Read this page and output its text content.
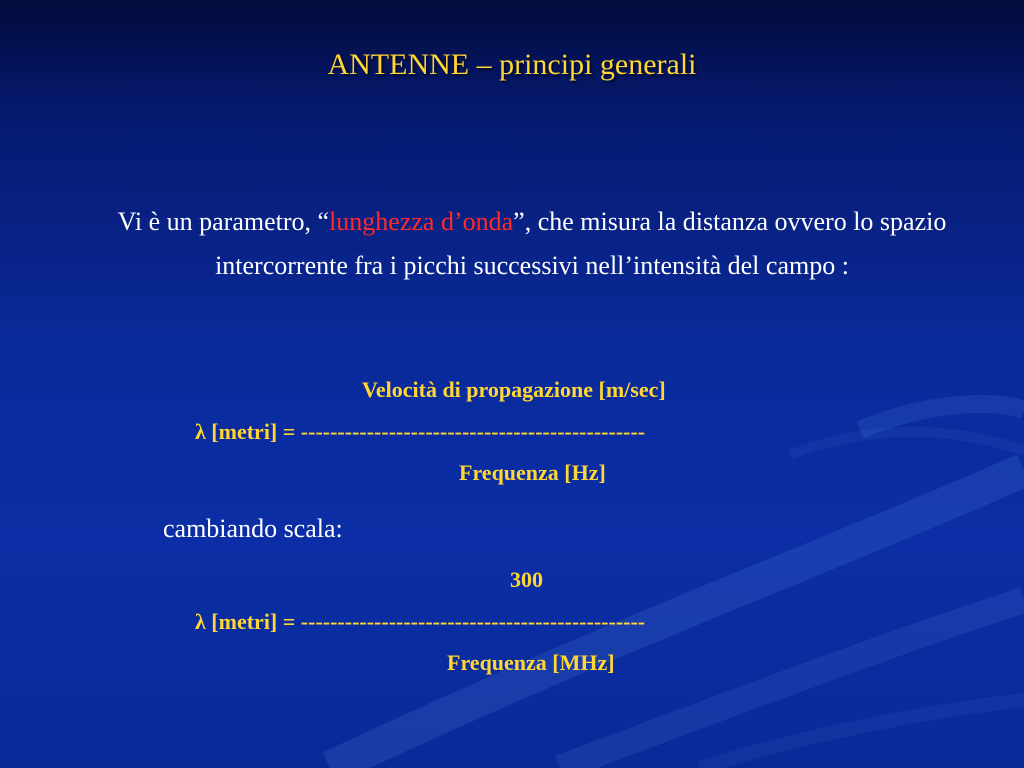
ANTENNE – principi generali

Vi è un parametro, “lunghezza d’onda”, che misura la distanza ovvero lo spazio intercorrente fra i picchi successivi nell’intensità del campo :

Velocità di propagazione [m/sec]

λ [metri] = -----------------------------------------------

Frequenza [Hz]

cambiando scala:

300

λ [metri] = -----------------------------------------------

Frequenza [MHz]
